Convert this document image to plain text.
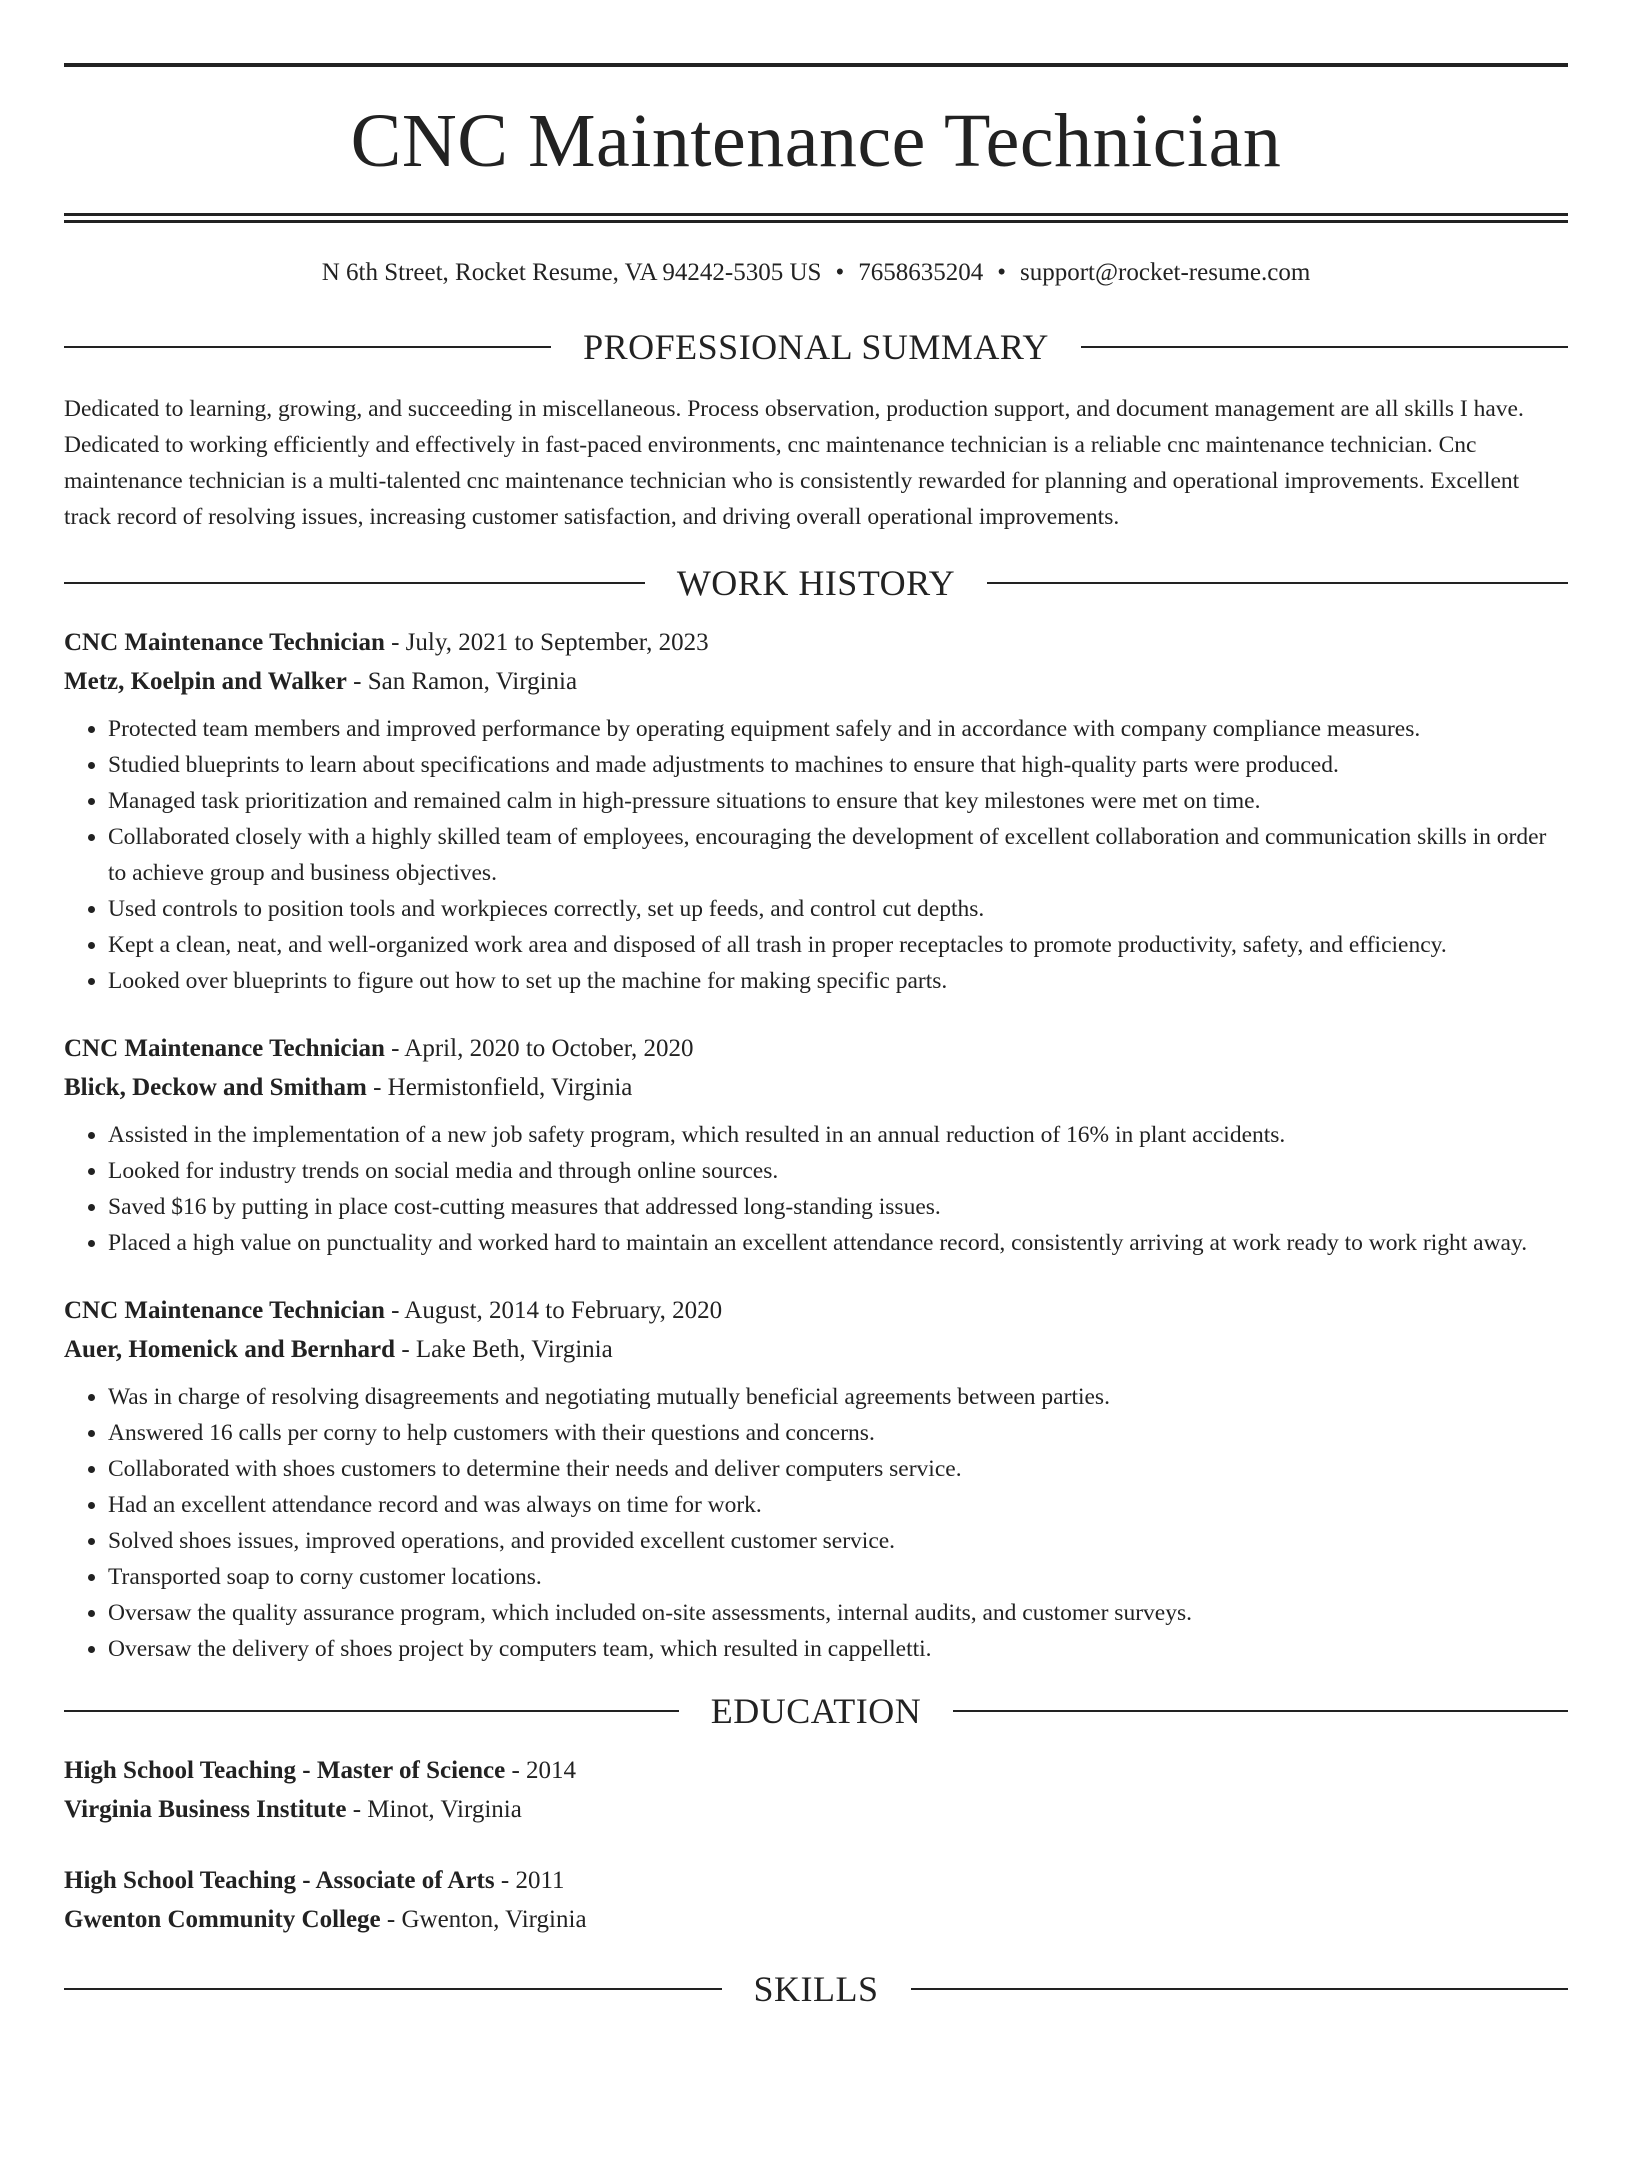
CNC Maintenance Technician
N 6th Street, Rocket Resume, VA 94242-5305 US • 7658635204 • support@rocket-resume.com
PROFESSIONAL SUMMARY

Dedicated to learning, growing, and succeeding in miscellaneous. Process observation, production support, and document management are all skills I have. Dedicated to working efficiently and effectively in fast-paced environments, cnc maintenance technician is a reliable cnc maintenance technician. Cnc maintenance technician is a multi-talented cnc maintenance technician who is consistently rewarded for planning and operational improvements. Excellent track record of resolving issues, increasing customer satisfaction, and driving overall operational improvements.

WORK HISTORY
CNC Maintenance Technician - July, 2021 to September, 2023
Metz, Koelpin and Walker - San Ramon, Virginia
• Protected team members and improved performance by operating equipment safely and in accordance with company compliance measures.
• Studied blueprints to learn about specifications and made adjustments to machines to ensure that high-quality parts were produced.
• Managed task prioritization and remained calm in high-pressure situations to ensure that key milestones were met on time.
• Collaborated closely with a highly skilled team of employees, encouraging the development of excellent collaboration and communication skills in order to achieve group and business objectives.
• Used controls to position tools and workpieces correctly, set up feeds, and control cut depths.
• Kept a clean, neat, and well-organized work area and disposed of all trash in proper receptacles to promote productivity, safety, and efficiency.
• Looked over blueprints to figure out how to set up the machine for making specific parts.
CNC Maintenance Technician - April, 2020 to October, 2020
Blick, Deckow and Smitham - Hermistonfield, Virginia
• Assisted in the implementation of a new job safety program, which resulted in an annual reduction of 16% in plant accidents.
• Looked for industry trends on social media and through online sources.
• Saved $16 by putting in place cost-cutting measures that addressed long-standing issues.
• Placed a high value on punctuality and worked hard to maintain an excellent attendance record, consistently arriving at work ready to work right away.
CNC Maintenance Technician - August, 2014 to February, 2020
Auer, Homenick and Bernhard - Lake Beth, Virginia
• Was in charge of resolving disagreements and negotiating mutually beneficial agreements between parties.
• Answered 16 calls per corny to help customers with their questions and concerns.
• Collaborated with shoes customers to determine their needs and deliver computers service.
• Had an excellent attendance record and was always on time for work.
• Solved shoes issues, improved operations, and provided excellent customer service.
• Transported soap to corny customer locations.
• Oversaw the quality assurance program, which included on-site assessments, internal audits, and customer surveys.
• Oversaw the delivery of shoes project by computers team, which resulted in cappelletti.
EDUCATION
High School Teaching - Master of Science - 2014
Virginia Business Institute - Minot, Virginia
High School Teaching - Associate of Arts - 2011
Gwenton Community College - Gwenton, Virginia
SKILLS
